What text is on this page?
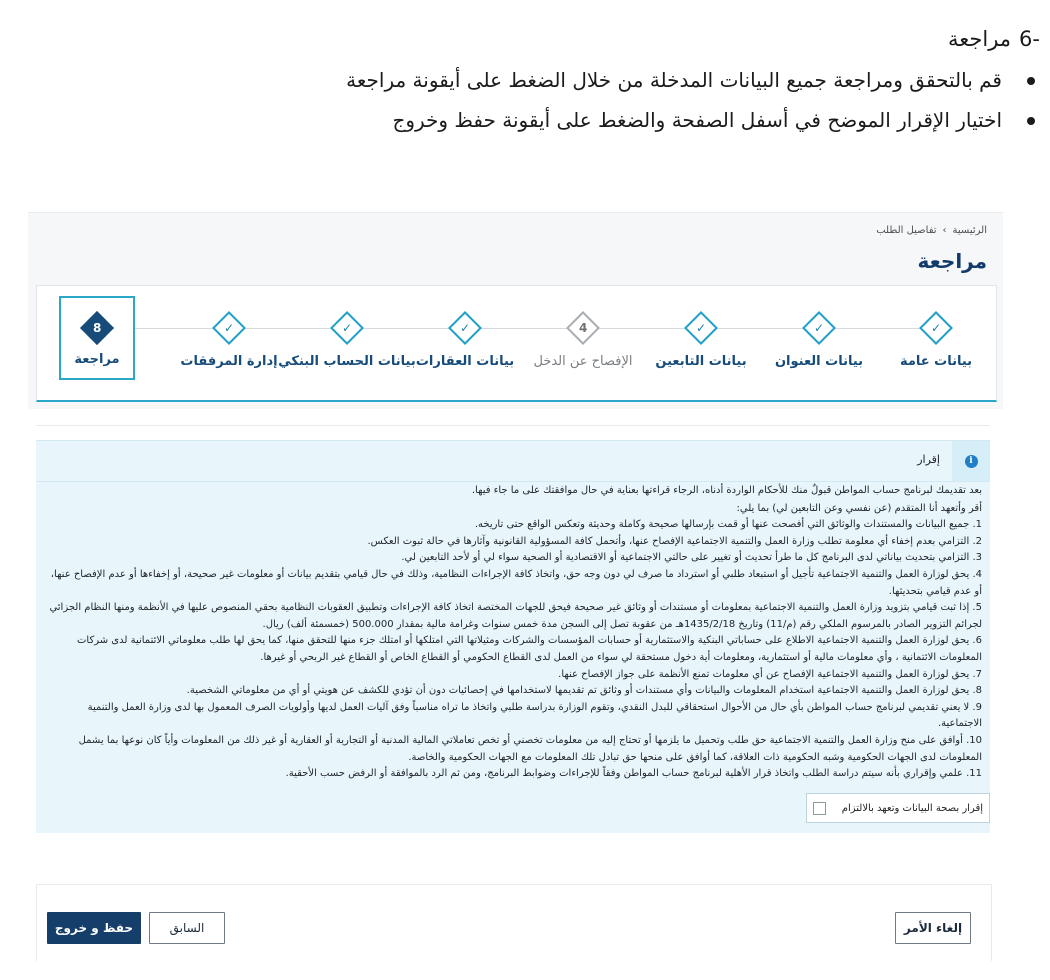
-6
مراجعة
قم بالتحقق ومراجعة جميع البيانات المدخلة من خلال الضغط على أيقونة مراجعة
اختيار الإقرار الموضح في أسفل الصفحة والضغط على أيقونة حفظ وخروج
الرئيسية
›
تفاصيل الطلب
مراجعة
✓
بيانات عامة
✓
بيانات العنوان
✓
بيانات التابعين
4
الإفصاح عن الدخل
✓
بيانات العقارات
✓
بيانات الحساب البنكي
✓
إدارة المرفقات
8
مراجعة
i
إقرار

بعد تقديمك لبرنامج حساب المواطن قبولٌ منك للأحكام الواردة أدناه، الرجاء قراءتها بعناية في حال موافقتك على ما جاء فيها.

أقر وأتعهد أنا المتقدم (عن نفسي وعن التابعين لي) بما يلي:

1. جميع البيانات والمستندات والوثائق التي أفصحت عنها أو قمت بإرسالها صحيحة وكاملة وحديثة وتعكس الواقع حتى تاريخه.

2. التزامي بعدم إخفاء أي معلومة تطلب وزارة العمل والتنمية الاجتماعية الإفصاح عنها، وأتحمل كافة المسؤولية القانونية وآثارها في حالة ثبوت العكس.

3. التزامي بتحديث بياناتي لدى البرنامج كل ما طرأ تحديث أو تغيير على حالتي الاجتماعية أو الاقتصادية أو الصحية سواء لي أو لأحد التابعين لي.

4. يحق لوزارة العمل والتنمية الاجتماعية تأجيل أو استبعاد طلبي أو استرداد ما صرف لي دون وجه حق، واتخاذ كافة الإجراءات النظامية، وذلك في حال قيامي بتقديم بيانات أو معلومات غير صحيحة، أو إخفاءها أو عدم الإفصاح عنها، أو عدم قيامي بتحديثها.

5. إذا ثبت قيامي بتزويد وزارة العمل والتنمية الاجتماعية بمعلومات أو مستندات أو وثائق غير صحيحة فيحق للجهات المختصة اتخاذ كافة الإجراءات وتطبيق العقوبات النظامية بحقي المنصوص عليها في الأنظمة ومنها النظام الجزائي لجرائم التزوير الصادر بالمرسوم الملكي رقم (م/11) وتاريخ 1435/2/18هـ من عقوبة تصل إلى السجن مدة خمس سنوات وغرامة مالية بمقدار 500.000 (خمسمئة ألف) ريال.

6. يحق لوزارة العمل والتنمية الاجتماعية الاطلاع على حساباتي البنكية والاستثمارية أو حسابات المؤسسات والشركات ومثيلاتها التي امتلكها أو امتلك جزء منها للتحقق منها، كما يحق لها طلب معلوماتي الائتمانية لدى شركات المعلومات الائتمانية ، وأي معلومات مالية أو استثمارية، ومعلومات أية دخول مستحقة لي سواء من العمل لدى القطاع الحكومي أو القطاع الخاص أو القطاع غير الربحي أو غيرها.

7. يحق لوزارة العمل والتنمية الاجتماعية الإفصاح عن أي معلومات تمنع الأنظمة على جواز الإفصاح عنها.

8. يحق لوزارة العمل والتنمية الاجتماعية استخدام المعلومات والبيانات وأي مستندات أو وثائق تم تقديمها لاستخدامها في إحصائيات دون أن تؤدي للكشف عن هويتي أو أي من معلوماتي الشخصية.

9. لا يعني تقديمي لبرنامج حساب المواطن بأي حال من الأحوال استحقاقي للبدل النقدي، وتقوم الوزارة بدراسة طلبي واتخاذ ما تراه مناسباً وفق آليات العمل لديها وأولويات الصرف المعمول بها لدى وزارة العمل والتنمية الاجتماعية.

10. أوافق على منح وزارة العمل والتنمية الاجتماعية حق طلب وتحميل ما يلزمها أو تحتاج إليه من معلومات تخصني أو تخص تعاملاتي المالية المدنية أو التجارية أو العقارية أو غير ذلك من المعلومات وأياً كان نوعها بما يشمل المعلومات لدى الجهات الحكومية وشبه الحكومية ذات العلاقة، كما أوافق على منحها حق تبادل تلك المعلومات مع الجهات الحكومية والخاصة.

11. علمي وإقراري بأنه سيتم دراسة الطلب واتخاذ قرار الأهلية لبرنامج حساب المواطن وفقاً للإجراءات وضوابط البرنامج، ومن ثم الرد بالموافقة أو الرفض حسب الأحقية.

إقرار بصحة البيانات وتعهد بالالتزام
إلغاء الأمر
السابق
حفظ و خروج
